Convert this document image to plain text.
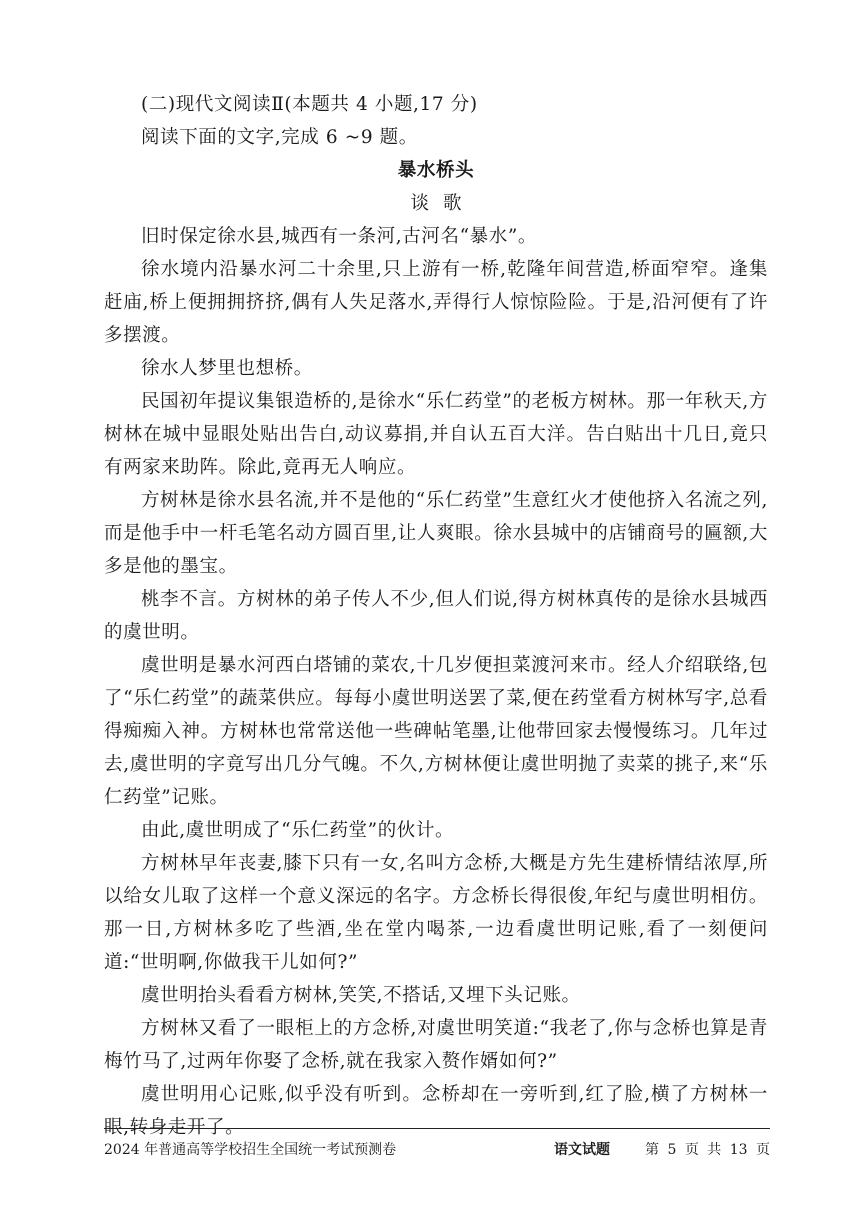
(二)现代文阅读Ⅱ(本题共 4 小题,17 分)
阅读下面的文字,完成 6 ~9 题。
暴水桥头
谈歌

旧时保定徐水县,城西有一条河,古河名“暴水”。

徐水境内沿暴水河二十余里,只上游有一桥,乾隆年间营造,桥面窄窄。逢集赶庙,桥上便拥拥挤挤,偶有人失足落水,弄得行人惊惊险险。于是,沿河便有了许多摆渡。

徐水人梦里也想桥。

民国初年提议集银造桥的,是徐水“乐仁药堂”的老板方树林。那一年秋天,方树林在城中显眼处贴出告白,动议募捐,并自认五百大洋。告白贴出十几日,竟只有两家来助阵。除此,竟再无人响应。

方树林是徐水县名流,并不是他的“乐仁药堂”生意红火才使他挤入名流之列,而是他手中一杆毛笔名动方圆百里,让人爽眼。徐水县城中的店铺商号的匾额,大多是他的墨宝。

桃李不言。方树林的弟子传人不少,但人们说,得方树林真传的是徐水县城西的虞世明。

虞世明是暴水河西白塔铺的菜农,十几岁便担菜渡河来市。经人介绍联络,包了“乐仁药堂”的蔬菜供应。每每小虞世明送罢了菜,便在药堂看方树林写字,总看得痴痴入神。方树林也常常送他一些碑帖笔墨,让他带回家去慢慢练习。几年过去,虞世明的字竟写出几分气魄。不久,方树林便让虞世明抛了卖菜的挑子,来“乐仁药堂”记账。

由此,虞世明成了“乐仁药堂”的伙计。

方树林早年丧妻,膝下只有一女,名叫方念桥,大概是方先生建桥情结浓厚,所以给女儿取了这样一个意义深远的名字。方念桥长得很俊,年纪与虞世明相仿。那一日,方树林多吃了些酒,坐在堂内喝茶,一边看虞世明记账,看了一刻便问道:“世明啊,你做我干儿如何?”

虞世明抬头看看方树林,笑笑,不搭话,又埋下头记账。

方树林又看了一眼柜上的方念桥,对虞世明笑道:“我老了,你与念桥也算是青梅竹马了,过两年你娶了念桥,就在我家入赘作婿如何?”

虞世明用心记账,似乎没有听到。念桥却在一旁听到,红了脸,横了方树林一眼,转身走开了。

2024 年普通高等学校招生全国统一考试预测卷	语文试题	第 5 页 共 13 页
